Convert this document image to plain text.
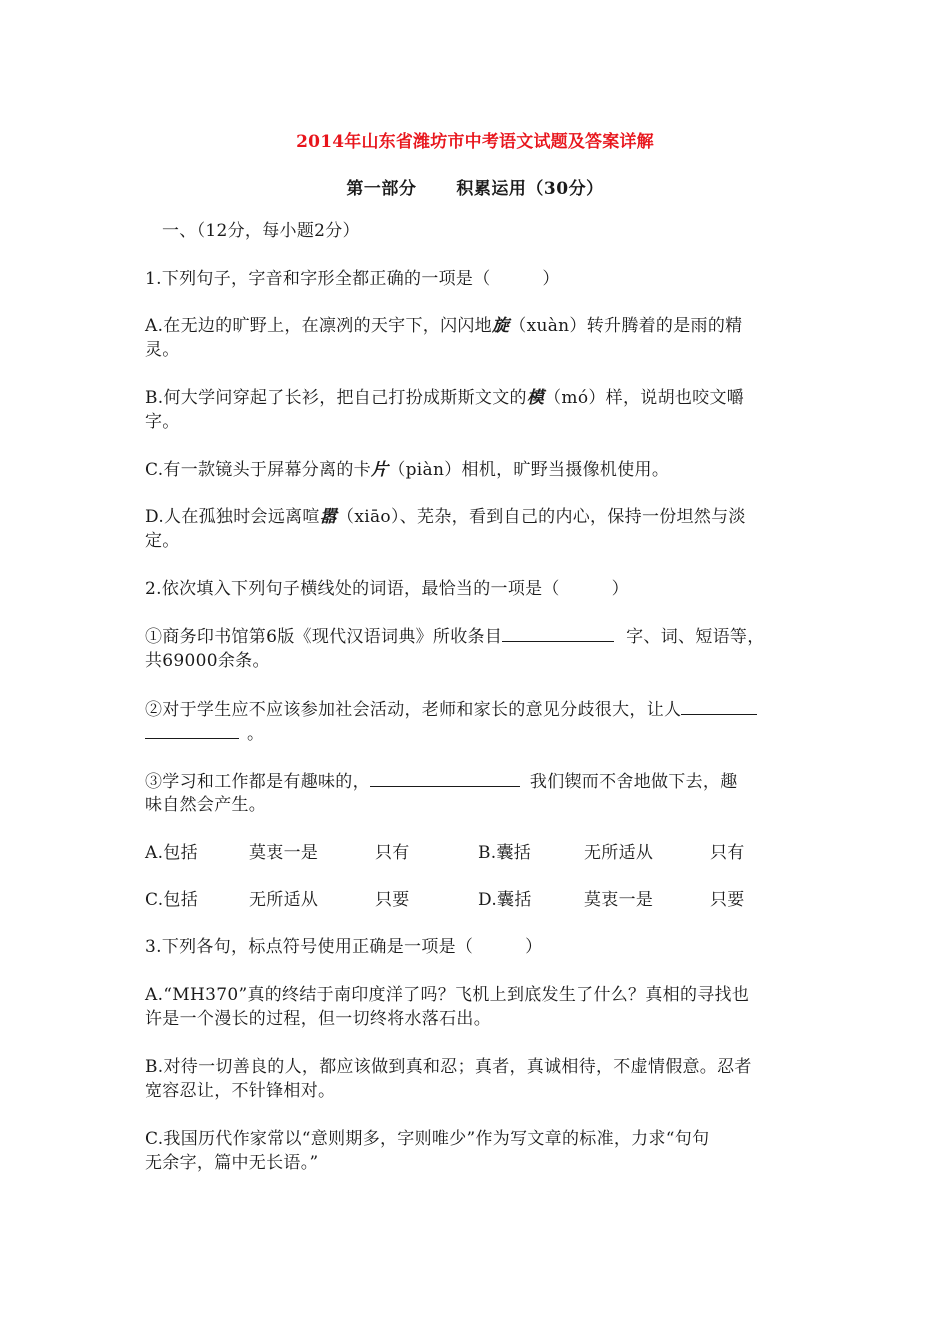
2014年山东省潍坊市中考语文试题及答案详解
第一部分 积累运用（30分）
一、（12分，每小题2分）
1.下列句子，字音和字形全都正确的一项是（　　　）
A.在无边的旷野上，在凛冽的天宇下，闪闪地旋（xuàn）转升腾着的是雨的精
灵。
B.何大学问穿起了长衫，把自己打扮成斯斯文文的模（mó）样，说胡也咬文嚼
字。
C.有一款镜头于屏幕分离的卡片（piàn）相机，旷野当摄像机使用。
D.人在孤独时会远离喧嚣（xiāo）、芜杂，看到自己的内心，保持一份坦然与淡
定。
2.依次填入下列句子横线处的词语，最恰当的一项是（　　　）
①商务印书馆第6版《现代汉语词典》所收条目	字、词、短语等，
共69000余条。
②对于学生应不应该参加社会活动，老师和家长的意见分歧很大，让人
。
③学习和工作都是有趣味的，	我们锲而不舍地做下去，趣
味自然会产生。
A.包括	莫衷一是	只有	B.囊括	无所适从	只有
C.包括	无所适从	只要	D.囊括	莫衷一是	只要
3.下列各句，标点符号使用正确是一项是（　　　）
A.“MH370”真的终结于南印度洋了吗？飞机上到底发生了什么？真相的寻找也
许是一个漫长的过程，但一切终将水落石出。
B.对待一切善良的人，都应该做到真和忍；真者，真诚相待，不虚情假意。忍者
宽容忍让，不针锋相对。
C.我国历代作家常以“意则期多，字则唯少”作为写文章的标准，力求“句句
无余字，篇中无长语。”
